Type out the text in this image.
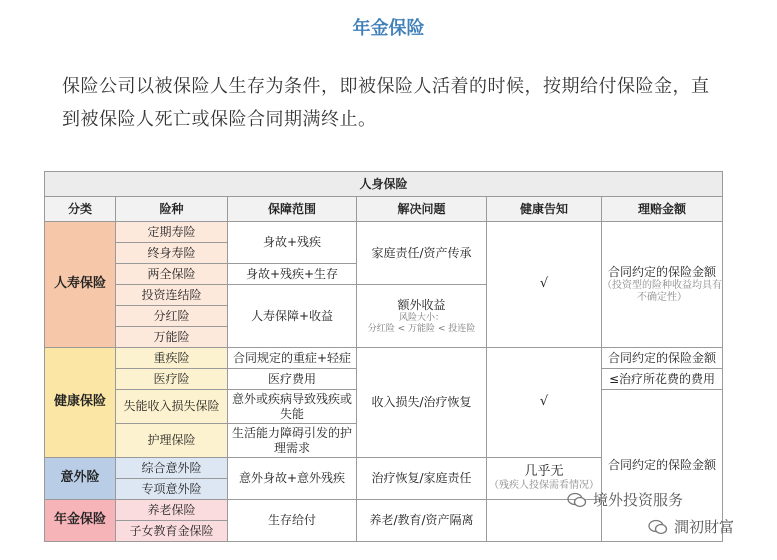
年金保险
保险公司以被保险人生存为条件，即被保险人活着的时候，按期给付保险金，直到被保险人死亡或保险合同期满终止。
人身保险					
分类	险种	保障范围	解决问题	健康告知	理赔金额
人寿保险	定期寿险	身故+残疾	家庭责任/资产传承	√	合同约定的保险金额
（投资型的险种收益均具有不确定性）

	终身寿险				
	两全保险	身故+残疾+生存			
	投资连结险	人寿保障+收益	额外收益
风险大小：
分红险 < 万能险 < 投连险		

	分红险				
	万能险				
健康保险	重疾险	合同规定的重症+轻症	收入损失/治疗恢复	√	合同约定的保险金额
	医疗险	医疗费用			≤治疗所花费的费用
	失能收入损失保险	意外或疾病导致残疾或失能			合同约定的保险金额
	护理保险	生活能力障碍引发的护理需求			
意外险	综合意外险	意外身故+意外残疾	治疗恢复/家庭责任	几乎无
（残疾人投保需看情况）	

	专项意外险				
年金保险	养老保险	生存给付	养老/教育/资产隔离		
	子女教育金保险				
境外投资服务
澗初財富
